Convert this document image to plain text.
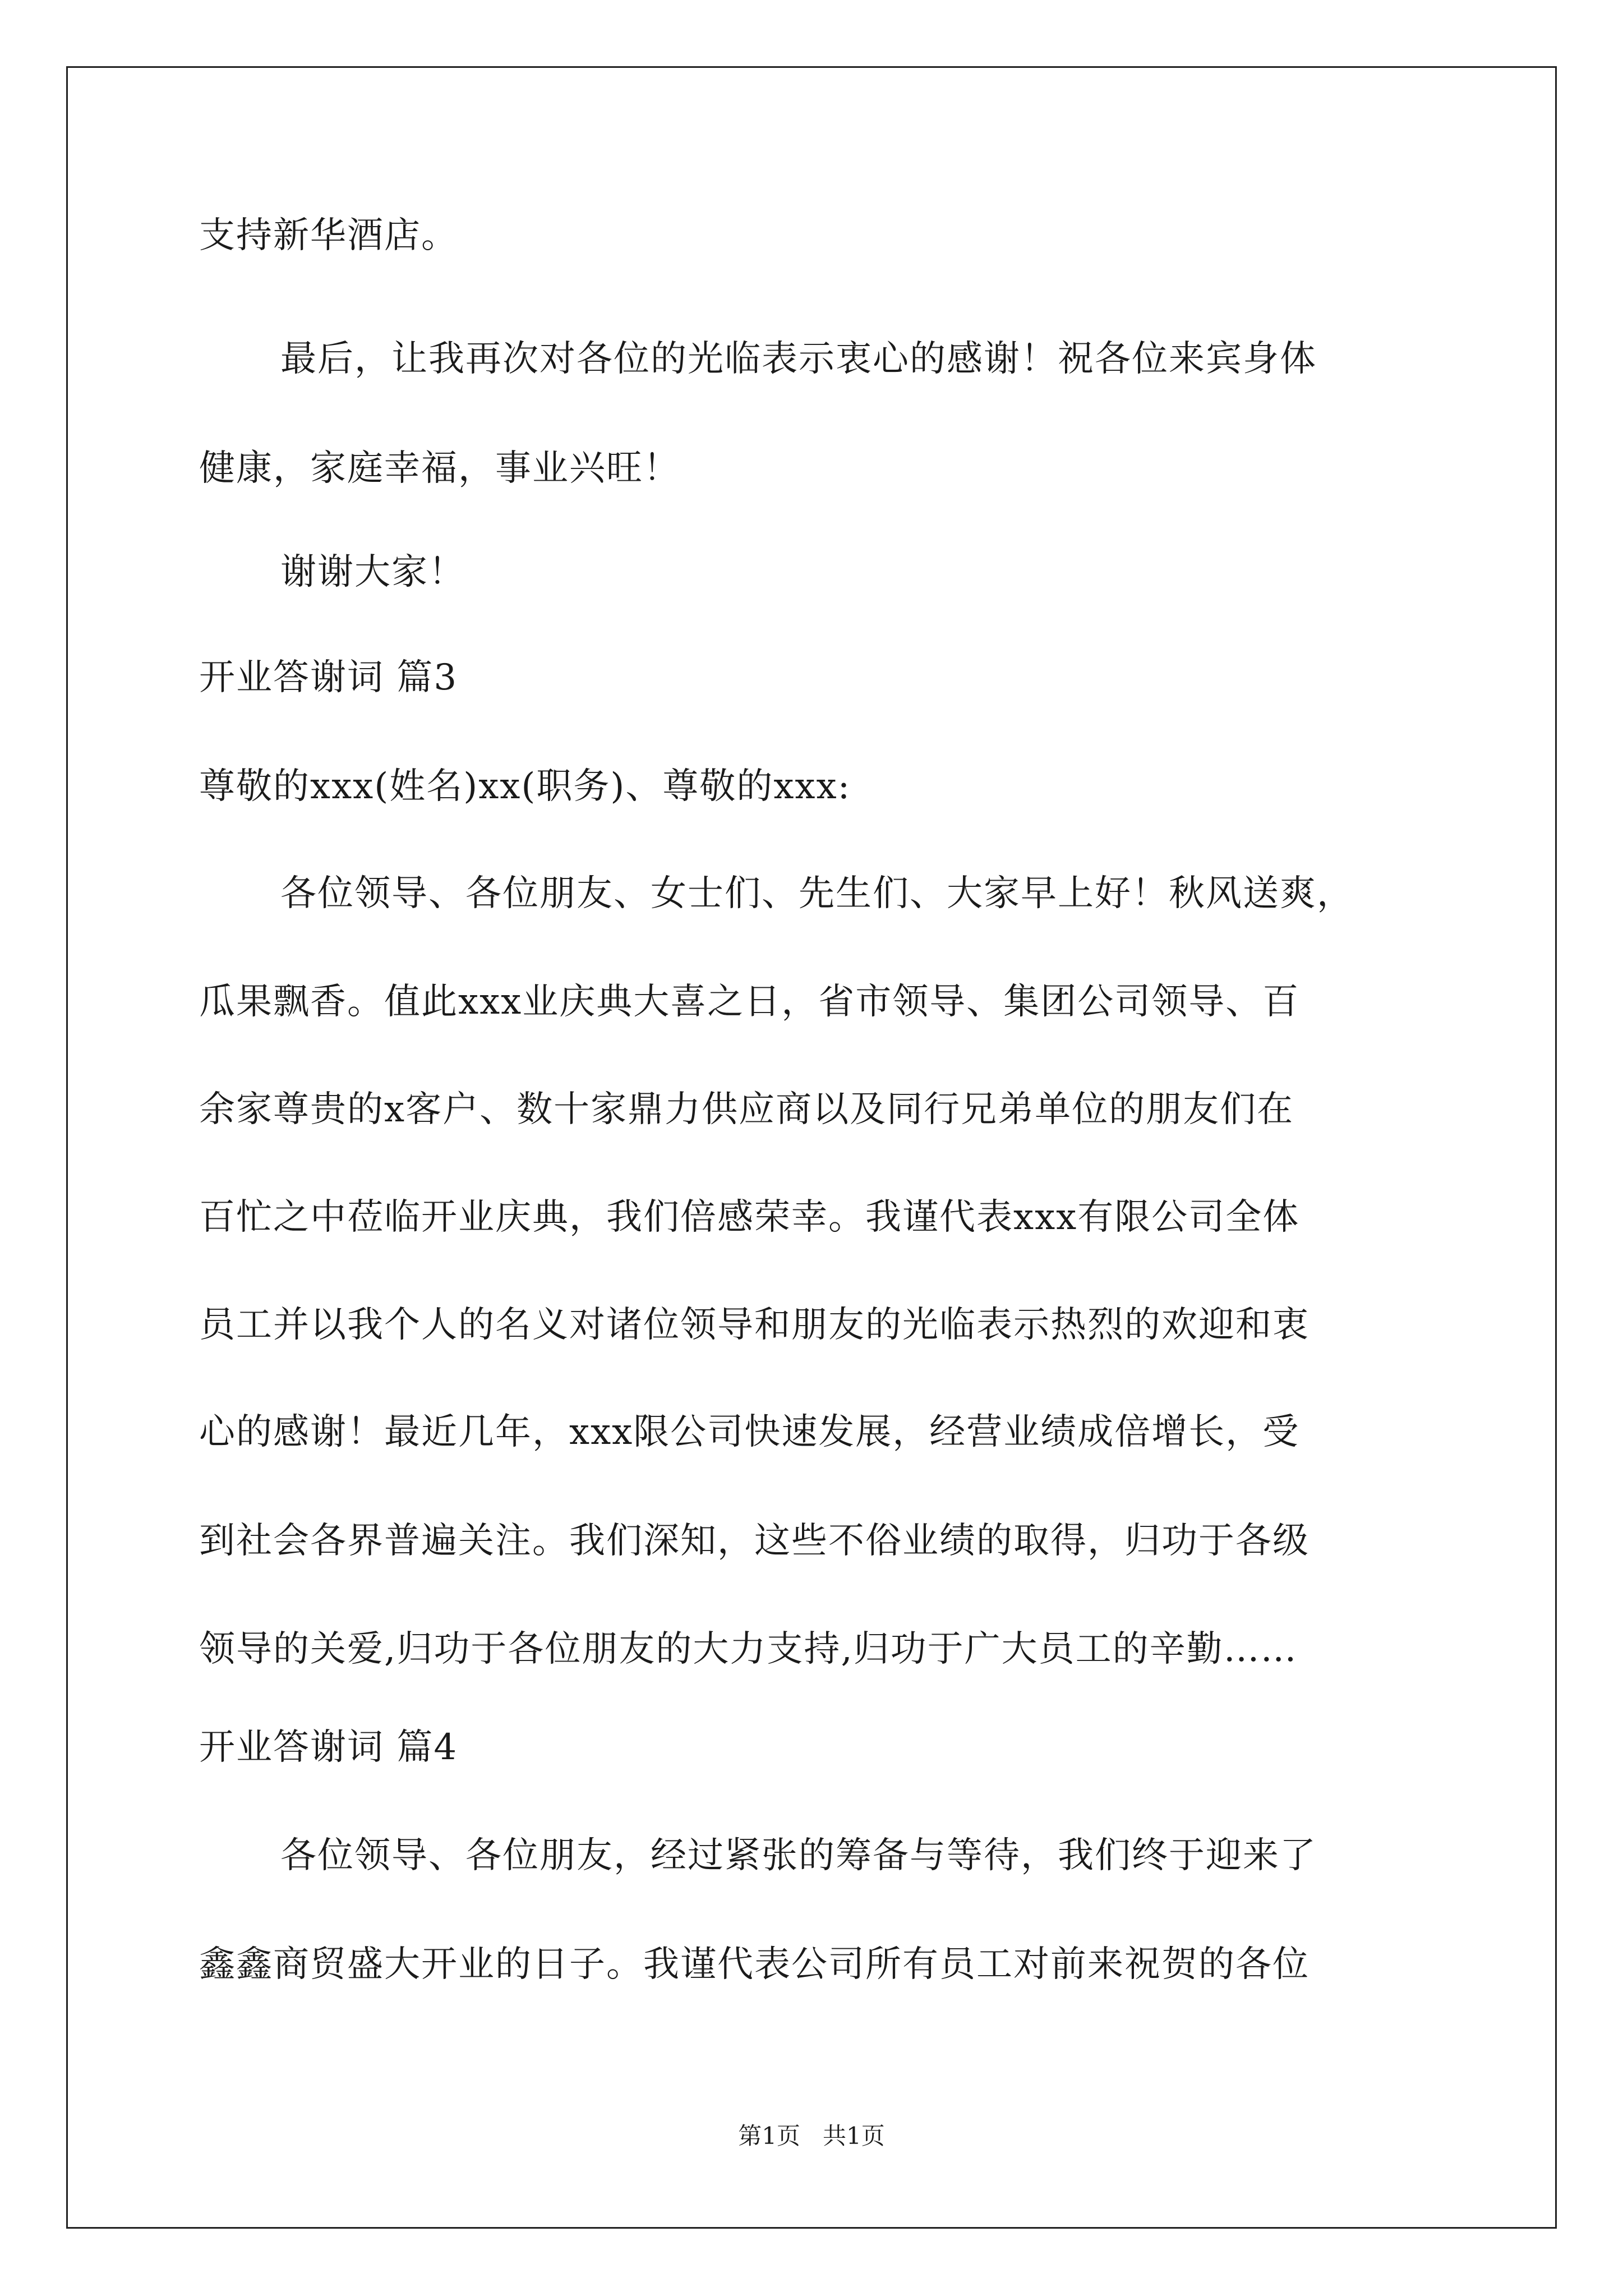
支持新华酒店。
最后，让我再次对各位的光临表示衷心的感谢！祝各位来宾身体
健康，家庭幸福，事业兴旺！
谢谢大家！
开业答谢词 篇3
尊敬的xxx(姓名)xx(职务)、尊敬的xxx:
各位领导、各位朋友、女士们、先生们、大家早上好！秋风送爽，
瓜果飘香。值此xxx业庆典大喜之日，省市领导、集团公司领导、百
余家尊贵的x客户、数十家鼎力供应商以及同行兄弟单位的朋友们在
百忙之中莅临开业庆典，我们倍感荣幸。我谨代表xxx有限公司全体
员工并以我个人的名义对诸位领导和朋友的光临表示热烈的欢迎和衷
心的感谢！最近几年，xxx限公司快速发展，经营业绩成倍增长，受
到社会各界普遍关注。我们深知，这些不俗业绩的取得，归功于各级
领导的关爱,归功于各位朋友的大力支持,归功于广大员工的辛勤……
开业答谢词 篇4
各位领导、各位朋友，经过紧张的筹备与等待，我们终于迎来了
鑫鑫商贸盛大开业的日子。我谨代表公司所有员工对前来祝贺的各位
第1页   共1页
